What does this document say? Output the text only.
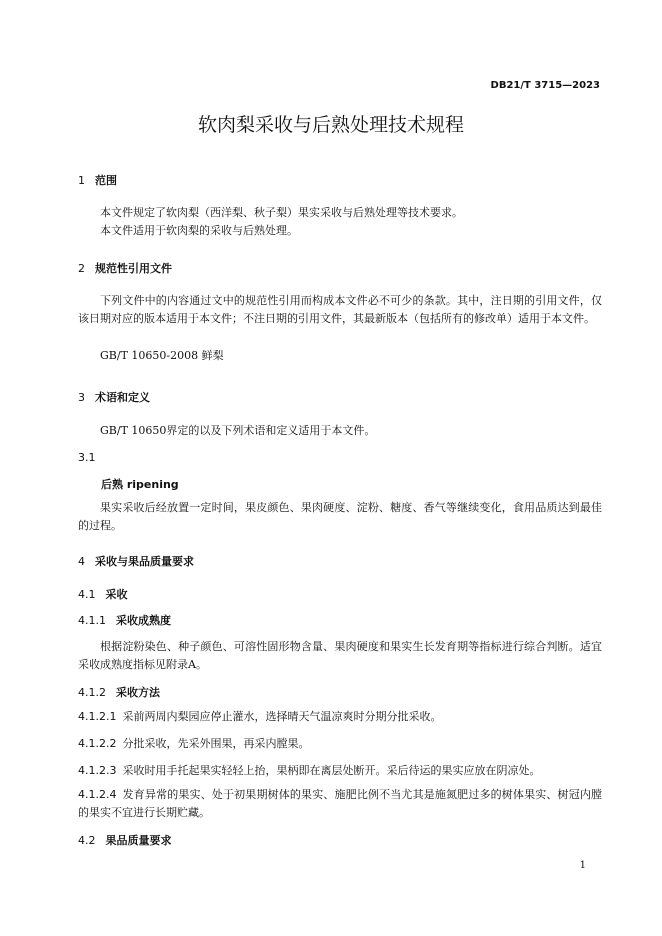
DB21/T 3715—2023
软肉梨采收与后熟处理技术规程
1 范围
本文件规定了软肉梨（西洋梨、秋子梨）果实采收与后熟处理等技术要求。
本文件适用于软肉梨的采收与后熟处理。
2 规范性引用文件
下列文件中的内容通过文中的规范性引用而构成本文件必不可少的条款。其中，注日期的引用文件，仅该日期对应的版本适用于本文件；不注日期的引用文件，其最新版本（包括所有的修改单）适用于本文件。
GB/T 10650-2008 鲜梨
3 术语和定义
GB/T 10650界定的以及下列术语和定义适用于本文件。
3.1
后熟 ripening
果实采收后经放置一定时间，果皮颜色、果肉硬度、淀粉、糖度、香气等继续变化，食用品质达到最佳的过程。
4 采收与果品质量要求
4.1 采收
4.1.1 采收成熟度
根据淀粉染色、种子颜色、可溶性固形物含量、果肉硬度和果实生长发育期等指标进行综合判断。适宜采收成熟度指标见附录A。
4.1.2 采收方法
4.1.2.1 采前两周内梨园应停止灌水，选择晴天气温凉爽时分期分批采收。
4.1.2.2 分批采收，先采外围果，再采内膛果。
4.1.2.3 采收时用手托起果实轻轻上抬，果柄即在离层处断开。采后待运的果实应放在阴凉处。
4.1.2.4 发育异常的果实、处于初果期树体的果实、施肥比例不当尤其是施氮肥过多的树体果实、树冠内膛的果实不宜进行长期贮藏。
4.2 果品质量要求
1
